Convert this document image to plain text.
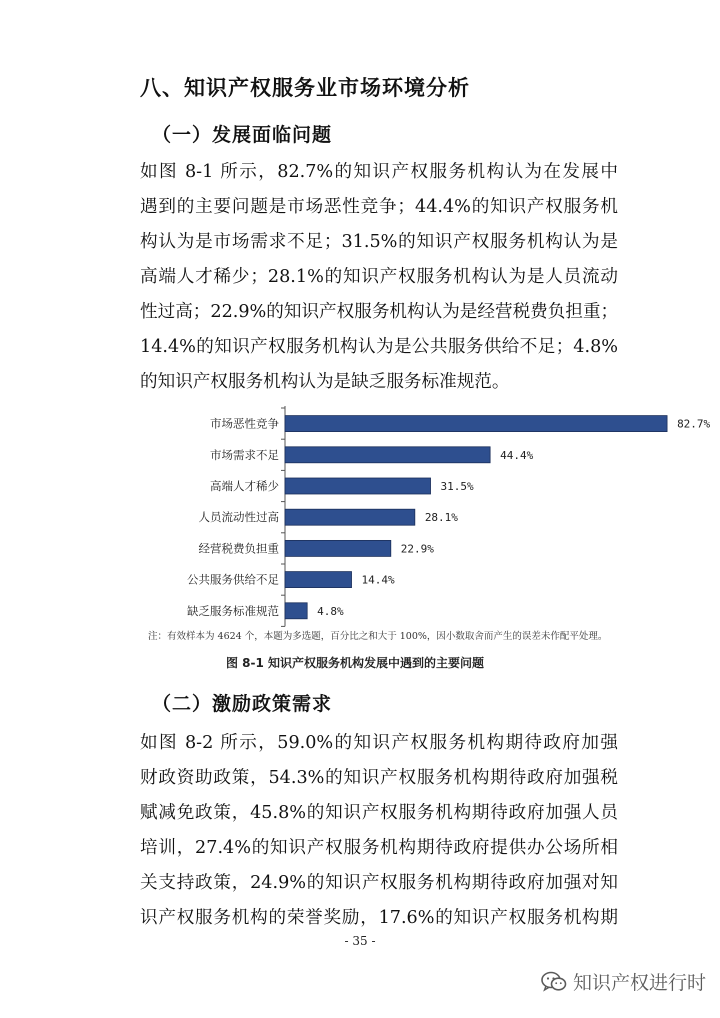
八、知识产权服务业市场环境分析
（一）发展面临问题
如图 8-1 所示，82.7%的知识产权服务机构认为在发展中
遇到的主要问题是市场恶性竞争；44.4%的知识产权服务机
构认为是市场需求不足；31.5%的知识产权服务机构认为是
高端人才稀少；28.1%的知识产权服务机构认为是人员流动
性过高；22.9%的知识产权服务机构认为是经营税费负担重；
14.4%的知识产权服务机构认为是公共服务供给不足；4.8%
的知识产权服务机构认为是缺乏服务标准规范。
市场恶性竞争	82.7%
市场需求不足	44.4%
高端人才稀少	31.5%
人员流动性过高	28.1%
经营税费负担重	22.9%
公共服务供给不足	14.4%
缺乏服务标准规范	4.8%
注：有效样本为 4624 个，本题为多选题，百分比之和大于 100%，因小数取舍而产生的误差未作配平处理。
图 8-1 知识产权服务机构发展中遇到的主要问题
（二）激励政策需求
如图 8-2 所示，59.0%的知识产权服务机构期待政府加强
财政资助政策，54.3%的知识产权服务机构期待政府加强税
赋减免政策，45.8%的知识产权服务机构期待政府加强人员
培训，27.4%的知识产权服务机构期待政府提供办公场所相
关支持政策，24.9%的知识产权服务机构期待政府加强对知
识产权服务机构的荣誉奖励，17.6%的知识产权服务机构期
- 35 -
知识产权进行时
